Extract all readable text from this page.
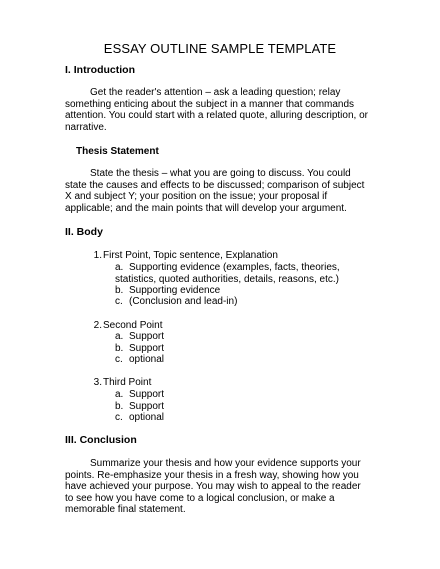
ESSAY OUTLINE SAMPLE TEMPLATE
I. Introduction
Get the reader's attention – ask a leading question; relay
something enticing about the subject in a manner that commands
attention. You could start with a related quote, alluring description, or
narrative.
Thesis Statement
State the thesis – what you are going to discuss. You could
state the causes and effects to be discussed; comparison of subject
X and subject Y; your position on the issue; your proposal if
applicable; and the main points that will develop your argument.
II. Body
1. First Point, Topic sentence, Explanation
a. Supporting evidence (examples, facts, theories,
statistics, quoted authorities, details, reasons, etc.)
b. Supporting evidence
c. (Conclusion and lead-in)
2. Second Point
a. Support
b. Support
c. optional
3. Third Point
a. Support
b. Support
c. optional
III. Conclusion
Summarize your thesis and how your evidence supports your
points. Re-emphasize your thesis in a fresh way, showing how you
have achieved your purpose. You may wish to appeal to the reader
to see how you have come to a logical conclusion, or make a
memorable final statement.
